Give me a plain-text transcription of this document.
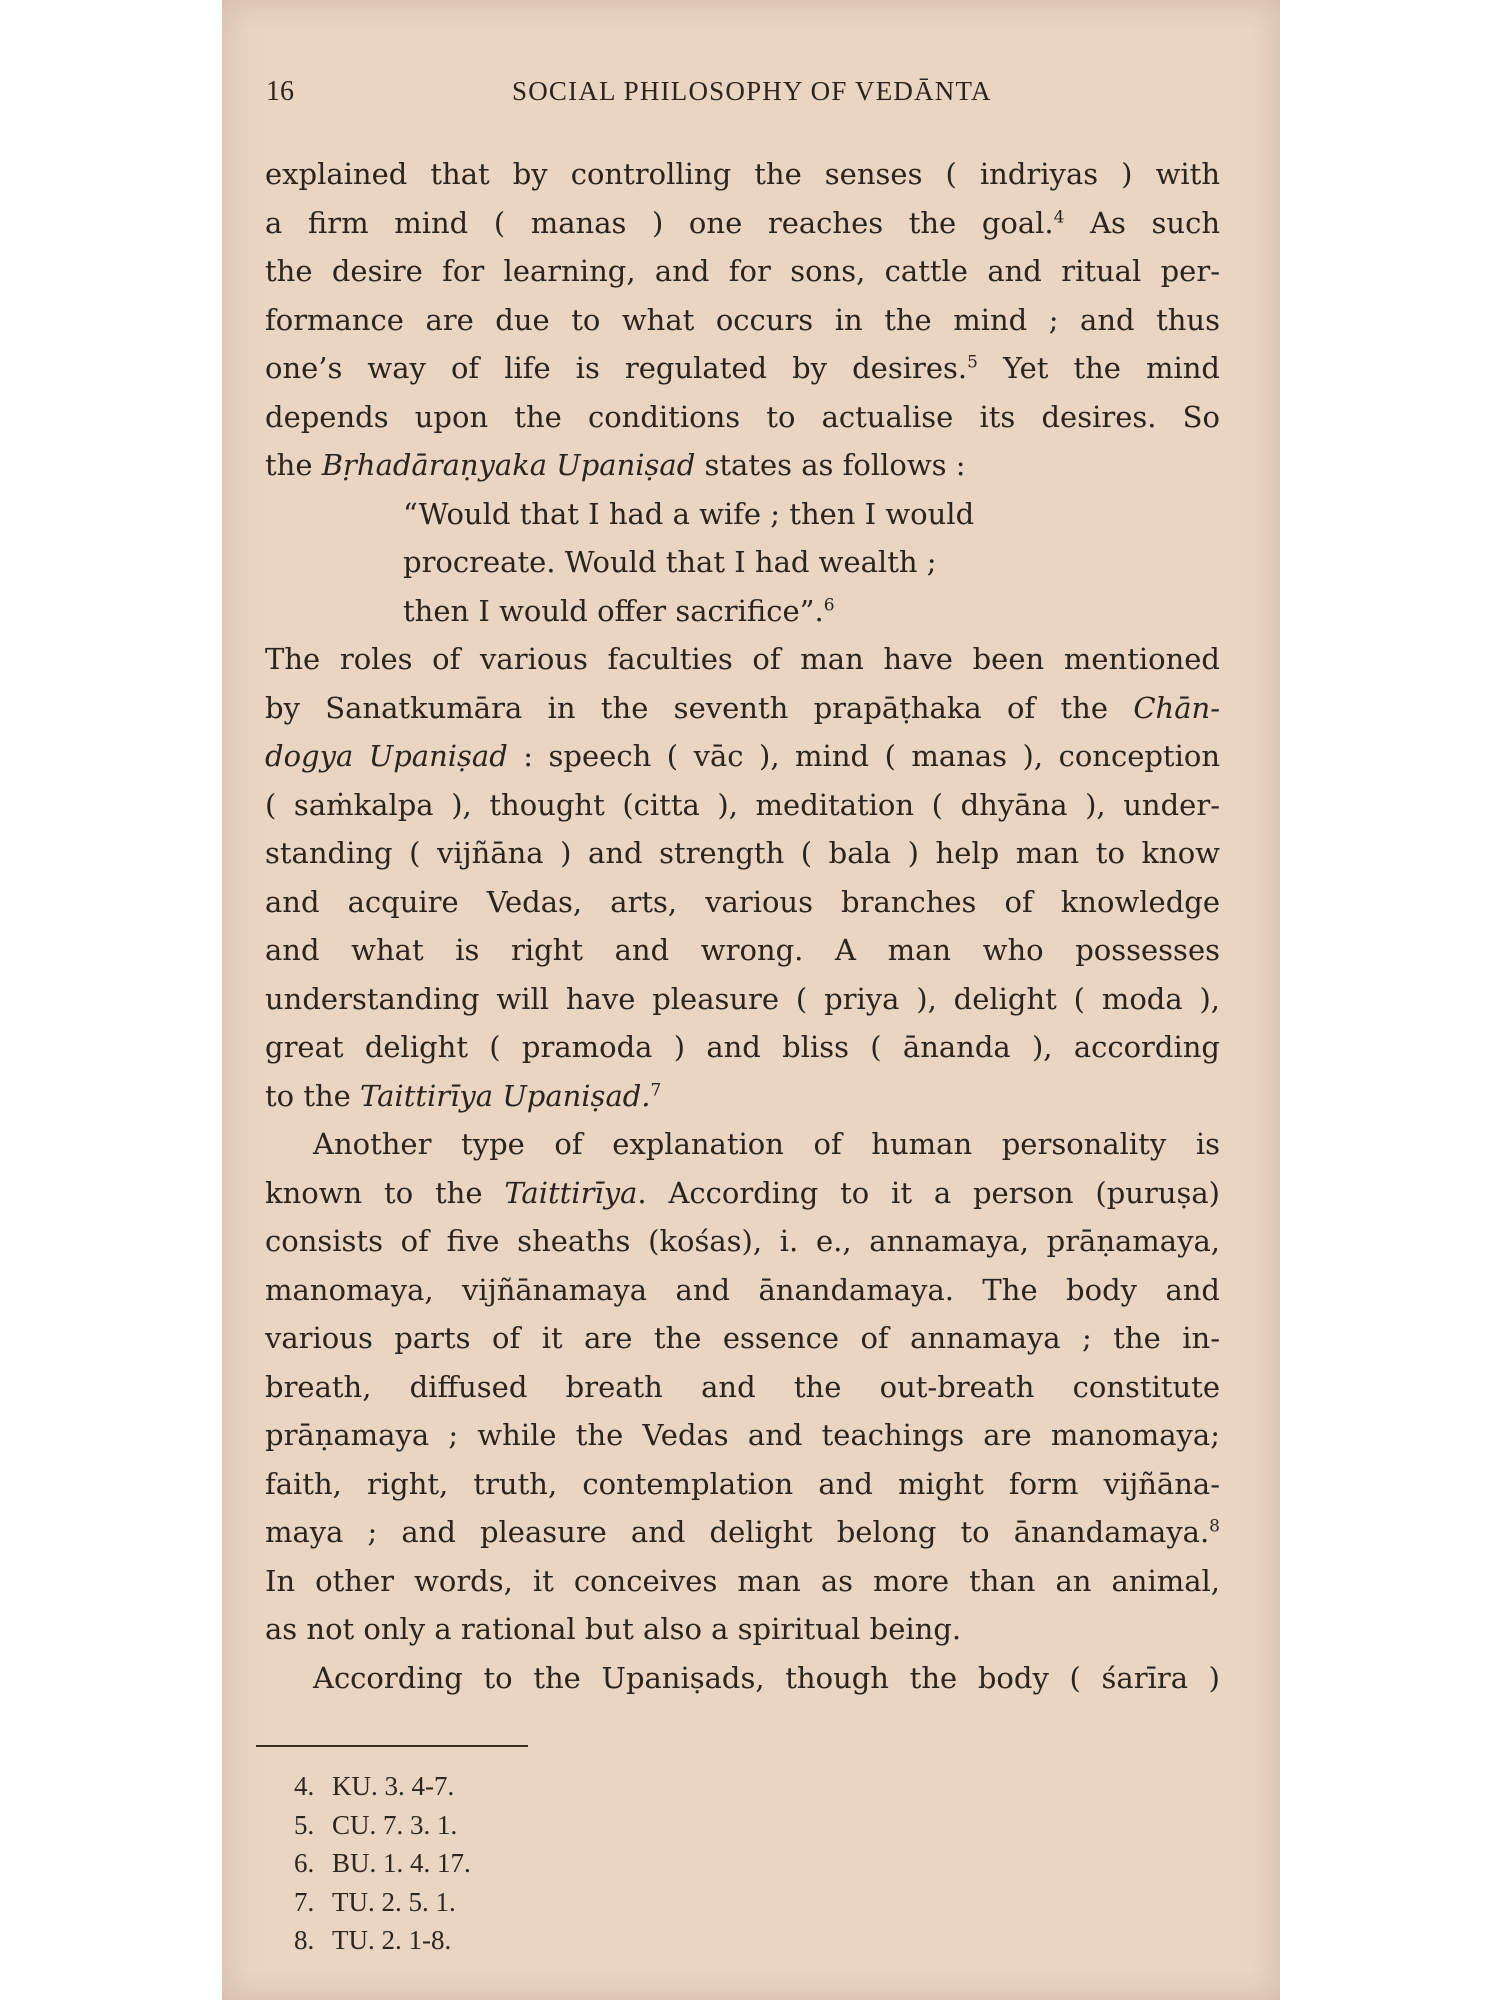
16	SOCIAL PHILOSOPHY OF VEDĀNTA
explained that by controlling the senses ( indriyas ) with
a firm mind ( manas ) one reaches the goal.$^4$ As such
the desire for learning, and for sons, cattle and ritual per-
formance are due to what occurs in the mind ; and thus
one’s way of life is regulated by desires.$^5$ Yet the mind
depends upon the conditions to actualise its desires. So
the Bṛhadāraṇyaka Upaniṣad states as follows :
“Would that I had a wife ; then I would
procreate. Would that I had wealth ;
then I would offer sacrifice”.$^6$
The roles of various faculties of man have been mentioned
by Sanatkumāra in the seventh prapāṭhaka of the Chān-
dogya Upaniṣad : speech ( vāc ), mind ( manas ), conception
( saṁkalpa ), thought (citta ), meditation ( dhyāna ), under-
standing ( vijñāna ) and strength ( bala ) help man to know
and acquire Vedas, arts, various branches of knowledge
and what is right and wrong. A man who possesses
understanding will have pleasure ( priya ), delight ( moda ),
great delight ( pramoda ) and bliss ( ānanda ), according
to the Taittirīya Upaniṣad.$^7$
Another type of explanation of human personality is
known to the Taittirīya. According to it a person (puruṣa)
consists of five sheaths (kośas), i. e., annamaya, prāṇamaya,
manomaya, vijñānamaya and ānandamaya. The body and
various parts of it are the essence of annamaya ; the in-
breath, diffused breath and the out-breath constitute
prāṇamaya ; while the Vedas and teachings are manomaya;
faith, right, truth, contemplation and might form vijñāna-
maya ; and pleasure and delight belong to ānandamaya.$^8$
In other words, it conceives man as more than an animal,
as not only a rational but also a spiritual being.
According to the Upaniṣads, though the body ( śarīra )
4. KU. 3. 4-7.
5. CU. 7. 3. 1.
6. BU. 1. 4. 17.
7. TU. 2. 5. 1.
8. TU. 2. 1-8.
